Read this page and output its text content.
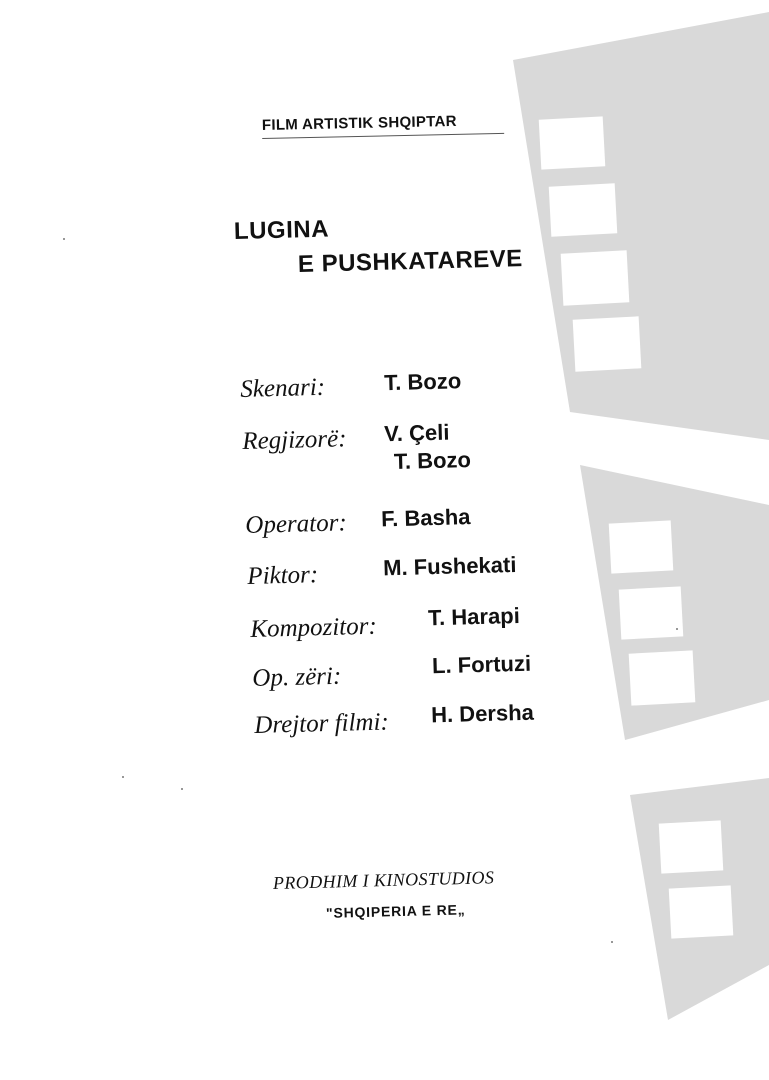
FILM ARTISTIK SHQIPTAR
LUGINA
E PUSHKATAREVE
Skenari:	T. Bozo
Regjizorë: V. Çeli
T. Bozo
Operator: F. Basha
Piktor:	M. Fushekati
Kompozitor: T. Harapi
Op. zëri:	L. Fortuzi
Drejtor filmi: H. Dersha
PRODHIM I KINOSTUDIOS
"SHQIPERIA E RE„
